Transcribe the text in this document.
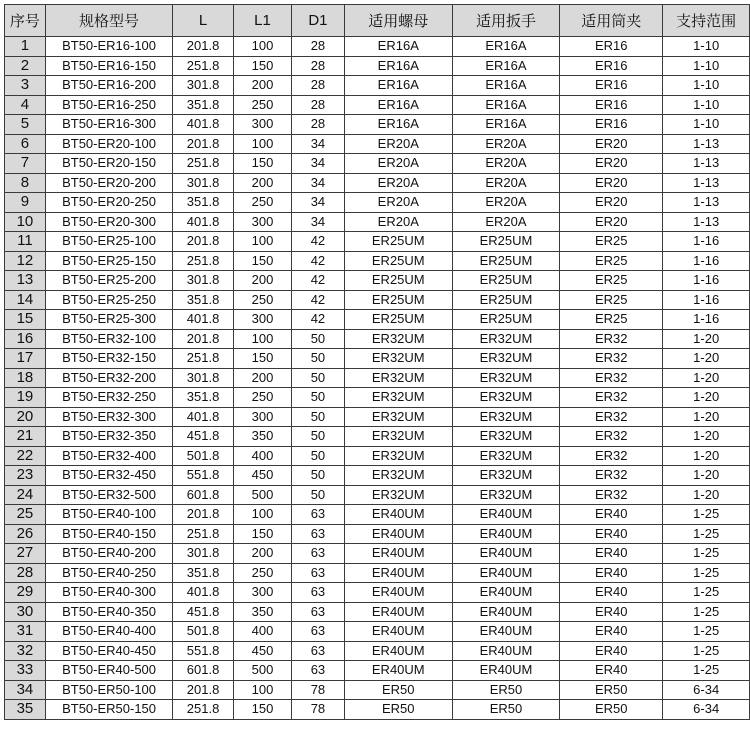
序号	规格型号	L	L1	D1	适用螺母	适用扳手	适用筒夹	支持范围
1	BT50-ER16-100	201.8	100	28	ER16A	ER16A	ER16	1-10
2	BT50-ER16-150	251.8	150	28	ER16A	ER16A	ER16	1-10
3	BT50-ER16-200	301.8	200	28	ER16A	ER16A	ER16	1-10
4	BT50-ER16-250	351.8	250	28	ER16A	ER16A	ER16	1-10
5	BT50-ER16-300	401.8	300	28	ER16A	ER16A	ER16	1-10
6	BT50-ER20-100	201.8	100	34	ER20A	ER20A	ER20	1-13
7	BT50-ER20-150	251.8	150	34	ER20A	ER20A	ER20	1-13
8	BT50-ER20-200	301.8	200	34	ER20A	ER20A	ER20	1-13
9	BT50-ER20-250	351.8	250	34	ER20A	ER20A	ER20	1-13
10	BT50-ER20-300	401.8	300	34	ER20A	ER20A	ER20	1-13
11	BT50-ER25-100	201.8	100	42	ER25UM	ER25UM	ER25	1-16
12	BT50-ER25-150	251.8	150	42	ER25UM	ER25UM	ER25	1-16
13	BT50-ER25-200	301.8	200	42	ER25UM	ER25UM	ER25	1-16
14	BT50-ER25-250	351.8	250	42	ER25UM	ER25UM	ER25	1-16
15	BT50-ER25-300	401.8	300	42	ER25UM	ER25UM	ER25	1-16
16	BT50-ER32-100	201.8	100	50	ER32UM	ER32UM	ER32	1-20
17	BT50-ER32-150	251.8	150	50	ER32UM	ER32UM	ER32	1-20
18	BT50-ER32-200	301.8	200	50	ER32UM	ER32UM	ER32	1-20
19	BT50-ER32-250	351.8	250	50	ER32UM	ER32UM	ER32	1-20
20	BT50-ER32-300	401.8	300	50	ER32UM	ER32UM	ER32	1-20
21	BT50-ER32-350	451.8	350	50	ER32UM	ER32UM	ER32	1-20
22	BT50-ER32-400	501.8	400	50	ER32UM	ER32UM	ER32	1-20
23	BT50-ER32-450	551.8	450	50	ER32UM	ER32UM	ER32	1-20
24	BT50-ER32-500	601.8	500	50	ER32UM	ER32UM	ER32	1-20
25	BT50-ER40-100	201.8	100	63	ER40UM	ER40UM	ER40	1-25
26	BT50-ER40-150	251.8	150	63	ER40UM	ER40UM	ER40	1-25
27	BT50-ER40-200	301.8	200	63	ER40UM	ER40UM	ER40	1-25
28	BT50-ER40-250	351.8	250	63	ER40UM	ER40UM	ER40	1-25
29	BT50-ER40-300	401.8	300	63	ER40UM	ER40UM	ER40	1-25
30	BT50-ER40-350	451.8	350	63	ER40UM	ER40UM	ER40	1-25
31	BT50-ER40-400	501.8	400	63	ER40UM	ER40UM	ER40	1-25
32	BT50-ER40-450	551.8	450	63	ER40UM	ER40UM	ER40	1-25
33	BT50-ER40-500	601.8	500	63	ER40UM	ER40UM	ER40	1-25
34	BT50-ER50-100	201.8	100	78	ER50	ER50	ER50	6-34
35	BT50-ER50-150	251.8	150	78	ER50	ER50	ER50	6-34
